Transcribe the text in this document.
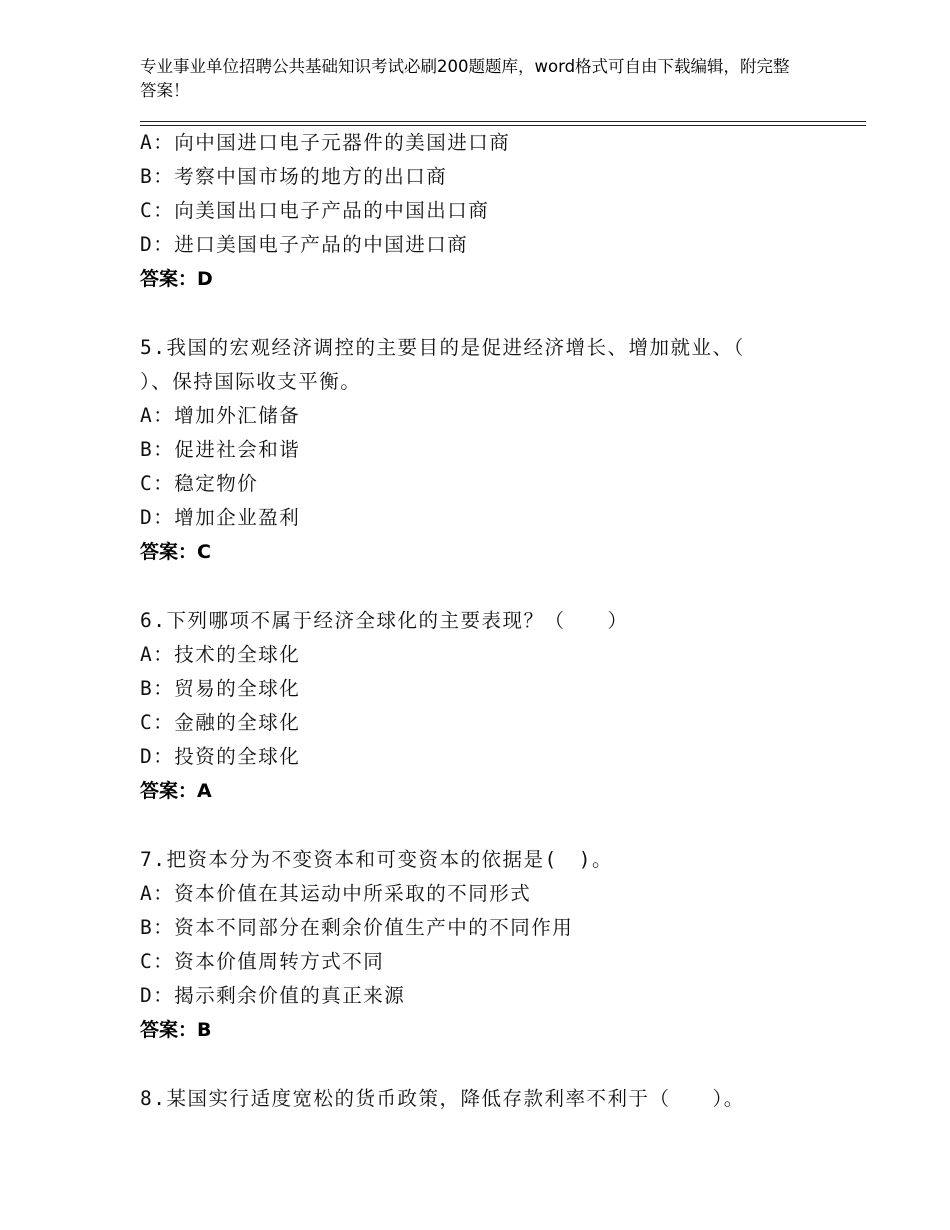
专业事业单位招聘公共基础知识考试必刷200题题库，word格式可自由下载编辑，附完整答案！
A：向中国进口电子元器件的美国进口商
B：考察中国市场的地方的出口商
C：向美国出口电子产品的中国出口商
D：进口美国电子产品的中国进口商
答案：D
5.我国的宏观经济调控的主要目的是促进经济增长、增加就业、（
）、保持国际收支平衡。
A：增加外汇储备
B：促进社会和谐
C：稳定物价
D：增加企业盈利
答案：C
6.下列哪项不属于经济全球化的主要表现？（　　）
A：技术的全球化
B：贸易的全球化
C：金融的全球化
D：投资的全球化
答案：A
7.把资本分为不变资本和可变资本的依据是(　)。
A：资本价值在其运动中所采取的不同形式
B：资本不同部分在剩余价值生产中的不同作用
C：资本价值周转方式不同
D：揭示剩余价值的真正来源
答案：B
8.某国实行适度宽松的货币政策，降低存款利率不利于（　　）。
